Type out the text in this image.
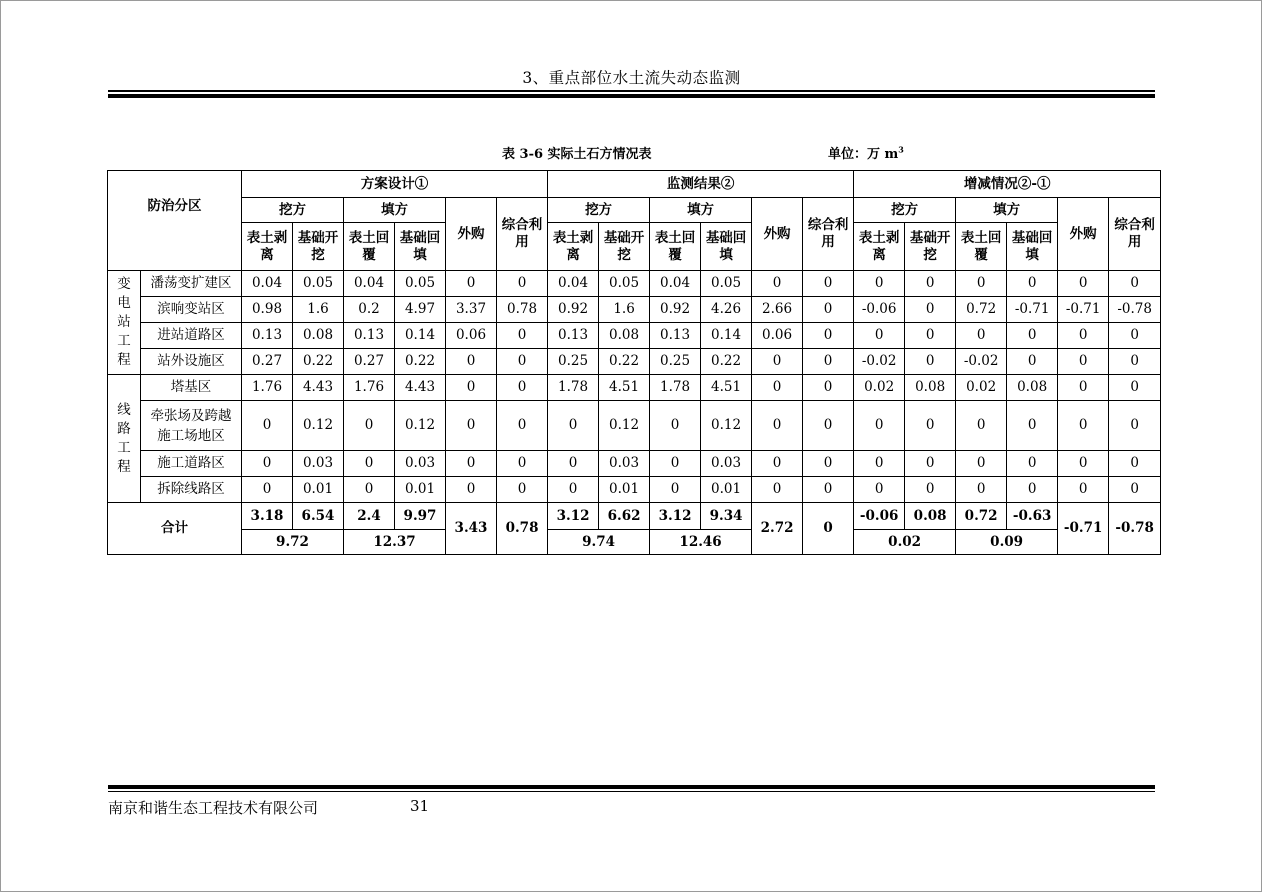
3、重点部位水土流失动态监测
表 3-6 实际土石方情况表	单位：万 $m^3$
防治分区		方案设计①						监测结果②						增减情况②-①					
		挖方		填方		外购	综合利用	挖方		填方		外购	综合利用	挖方		填方		外购	综合利用
		表土剥离	基础开挖	表土回覆	基础回填			表土剥离	基础开挖	表土回覆	基础回填			表土剥离	基础开挖	表土回覆	基础回填		
变电站工程	潘荡变扩建区	0.04	0.05	0.04	0.05	0	0	0.04	0.05	0.04	0.05	0	0	0	0	0	0	0	0
	滨响变站区	0.98	1.6	0.2	4.97	3.37	0.78	0.92	1.6	0.92	4.26	2.66	0	-0.06	0	0.72	-0.71	-0.71	-0.78
	进站道路区	0.13	0.08	0.13	0.14	0.06	0	0.13	0.08	0.13	0.14	0.06	0	0	0	0	0	0	0
	站外设施区	0.27	0.22	0.27	0.22	0	0	0.25	0.22	0.25	0.22	0	0	-0.02	0	-0.02	0	0	0
线路工程	塔基区	1.76	4.43	1.76	4.43	0	0	1.78	4.51	1.78	4.51	0	0	0.02	0.08	0.02	0.08	0	0
	牵张场及跨越施工场地区	0	0.12	0	0.12	0	0	0	0.12	0	0.12	0	0	0	0	0	0	0	0
	施工道路区	0	0.03	0	0.03	0	0	0	0.03	0	0.03	0	0	0	0	0	0	0	0
	拆除线路区	0	0.01	0	0.01	0	0	0	0.01	0	0.01	0	0	0	0	0	0	0	0
合计		3.18	6.54	2.4	9.97	3.43	0.78	3.12	6.62	3.12	9.34	2.72	0	-0.06	0.08	0.72	-0.63	-0.71	-0.78
		9.72		12.37				9.74		12.46				0.02		0.09			
南京和谐生态工程技术有限公司	31
